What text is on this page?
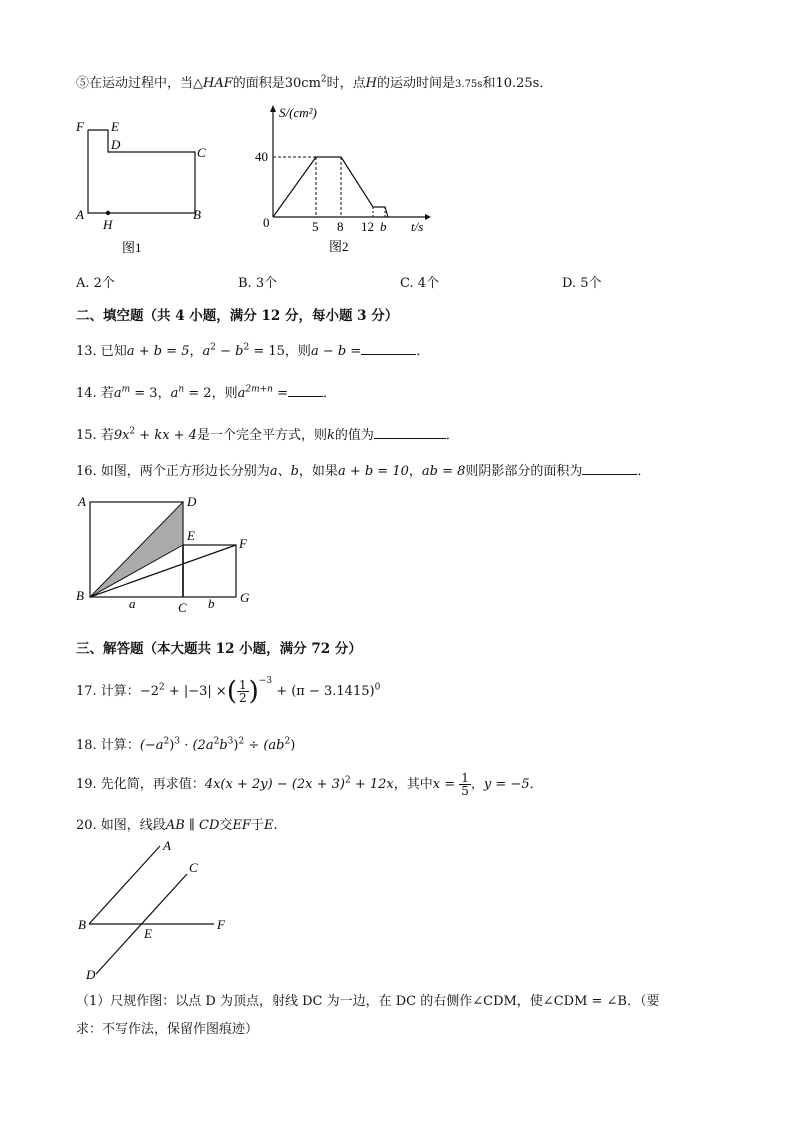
⑤在运动过程中，当△HAF的面积是$30cm^2$时，点H的运动时间是3.75s和10.25s．
F E
D
C
A
H
B
图1
S/(cm²)
40
0	5 8 12 b t/s
图2
A. 2个	B. 3个	C. 4个	D. 5个
二、填空题（共 4 小题，满分 12 分，每小题 3 分）
13. 已知a + b = 5，$a^2 - b^2 = 15$，则a − b =	．
14. 若$a^m = 3$，$a^n = 2$，则$a^{2m+n}$ =	．
15. 若$9x^2$ + kx + 4是一个完全平方式，则k的值为	．
16. 如图，两个正方形边长分别为a、b，如果a + b = 10，ab = 8则阴影部分的面积为	．
A	D
E
F
B
C
G
a	b
三、解答题（本大题共 12 小题，满分 72 分）
17. 计算：$-2^2 + |-3|$ ×( $\frac{1}{2} )^{-3} + (\pi - 3.1415)^0$
18. 计算：$(-a^2)^3 \cdot (2a^2b^3)^2 \div (ab^2)$
19. 先化简，再求值：$4x(x + 2y) - (2x + 3)^2 + 12x$，其中$x = \frac{1}{5}$ ，y = −5．
20. 如图，线段AB ∥ CD交EF于E.
A
C
B
E
F
D
（1）尺规作图：以点 D 为顶点，射线 DC 为一边，在 DC 的右侧作∠CDM，使∠CDM = ∠B．（要
求：不写作法，保留作图痕迹）
